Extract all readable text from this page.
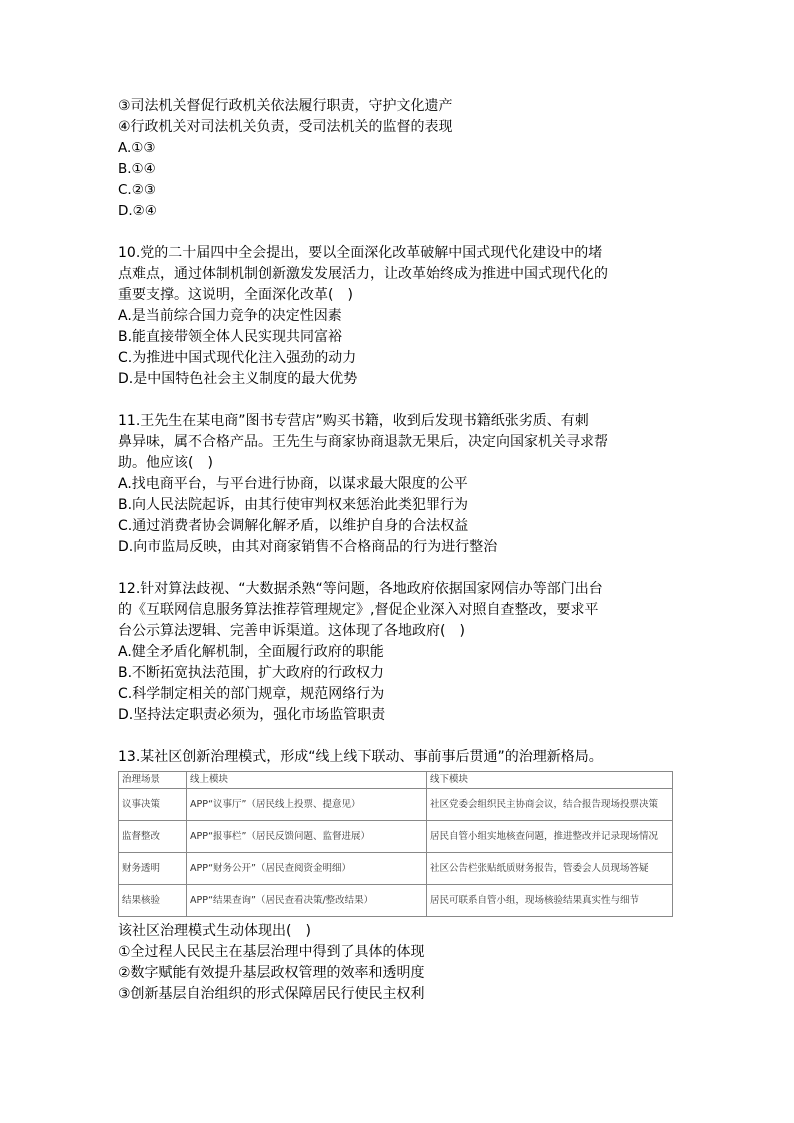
③司法机关督促行政机关依法履行职责，守护文化遗产
④行政机关对司法机关负责，受司法机关的监督的表现
A.①③
B.①④
C.②③
D.②④
10.党的二十届四中全会提出，要以全面深化改革破解中国式现代化建设中的堵
点难点，通过体制机制创新激发发展活力，让改革始终成为推进中国式现代化的
重要支撑。这说明，全面深化改革(　)
A.是当前综合国力竞争的决定性因素
B.能直接带领全体人民实现共同富裕
C.为推进中国式现代化注入强劲的动力
D.是中国特色社会主义制度的最大优势
11.王先生在某电商”图书专营店”购买书籍，收到后发现书籍纸张劣质、有刺
鼻异味，属不合格产品。王先生与商家协商退款无果后，决定向国家机关寻求帮
助。他应该(　)
A.找电商平台，与平台进行协商，以谋求最大限度的公平
B.向人民法院起诉，由其行使审判权来惩治此类犯罪行为
C.通过消费者协会调解化解矛盾，以维护自身的合法权益
D.向市监局反映，由其对商家销售不合格商品的行为进行整治
12.针对算法歧视、“大数据杀熟“等问题，各地政府依据国家网信办等部门出台
的《互联网信息服务算法推荐管理规定》,督促企业深入对照自查整改，要求平
台公示算法逻辑、完善申诉渠道。这体现了各地政府(　)
A.健全矛盾化解机制，全面履行政府的职能
B.不断拓宽执法范围，扩大政府的行政权力
C.科学制定相关的部门规章，规范网络行为
D.坚持法定职责必须为，强化市场监管职责
13.某社区创新治理模式，形成“线上线下联动、事前事后贯通”的治理新格局。
治理场景	线上模块	线下模块
议事决策	APP“议事厅”（居民线上投票、提意见）	社区党委会组织民主协商会议，结合报告现场投票决策
监督整改	APP“报事栏”（居民反馈问题、监督进展）	居民自管小组实地核查问题，推进整改并记录现场情况
财务透明	APP“财务公开”（居民查阅资金明细）	社区公告栏张贴纸质财务报告，管委会人员现场答疑
结果核验	APP“结果查询”（居民查看决策/整改结果）	居民可联系自管小组，现场核验结果真实性与细节
该社区治理模式生动体现出(　)
①全过程人民民主在基层治理中得到了具体的体现
②数字赋能有效提升基层政权管理的效率和透明度
③创新基层自治组织的形式保障居民行使民主权利
